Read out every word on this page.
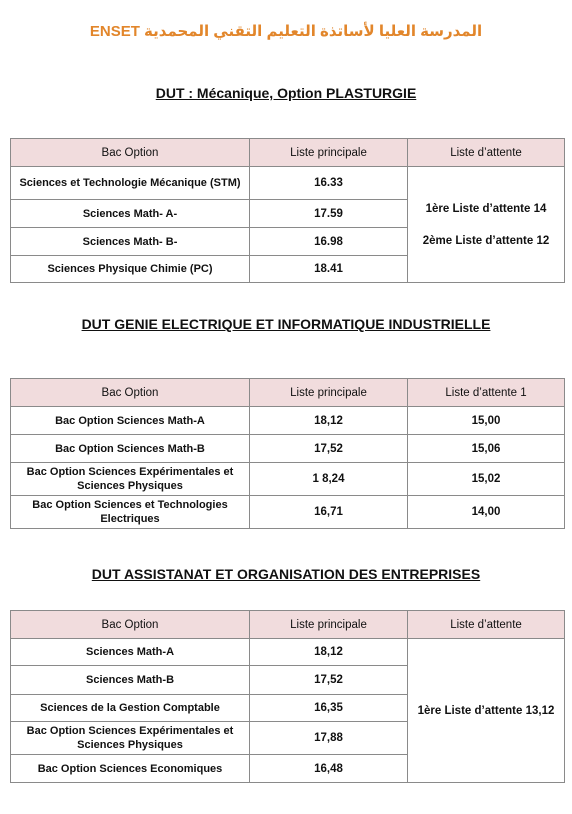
ENSET المدرسة العليا لأساتذة التعليم التقني المحمدية
DUT : Mécanique, Option PLASTURGIE
Bac Option	Liste principale	Liste d’attente
Sciences et Technologie Mécanique (STM)	16.33	1ère Liste d’attente 14

2ème Liste d’attente 12

Sciences Math- A-	17.59	
Sciences Math- B-	16.98	
Sciences Physique Chimie (PC)	18.41	
DUT GENIE ELECTRIQUE ET INFORMATIQUE INDUSTRIELLE
Bac Option	Liste principale	Liste d’attente 1
Bac Option Sciences Math-A	18,12	15,00
Bac Option Sciences Math-B	17,52	15,06
Bac Option Sciences Expérimentales et Sciences Physiques	1 8,24	15,02
Bac Option Sciences et Technologies Electriques	16,71	14,00
DUT ASSISTANAT ET ORGANISATION DES ENTREPRISES
Bac Option	Liste principale	Liste d’attente
Sciences Math-A	18,12	1ère Liste d’attente 13,12

Sciences Math-B	17,52	
Sciences de la Gestion Comptable	16,35	
Bac Option Sciences Expérimentales et Sciences Physiques	17,88	
Bac Option Sciences Economiques	16,48	
